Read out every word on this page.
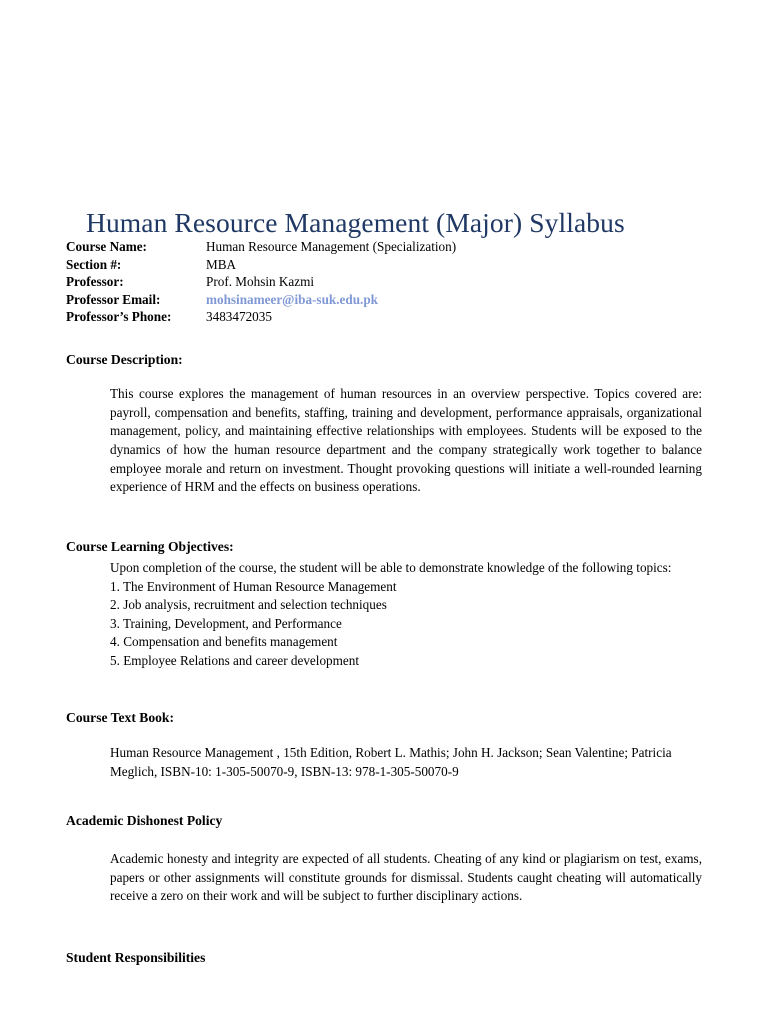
Human Resource Management (Major) Syllabus
Course Name:	Human Resource Management (Specialization)
Section #:	MBA
Professor:	Prof. Mohsin Kazmi
Professor Email:	mohsinameer@iba-suk.edu.pk
Professor’s Phone:	3483472035
Course Description:

This course explores the management of human resources in an overview perspective. Topics covered are: payroll, compensation and benefits, staffing, training and development, performance appraisals, organizational management, policy, and maintaining effective relationships with employees. Students will be exposed to the dynamics of how the human resource department and the company strategically work together to balance employee morale and return on investment. Thought provoking questions will initiate a well-rounded learning experience of HRM and the effects on business operations.

Course Learning Objectives:
Upon completion of the course, the student will be able to demonstrate knowledge of the following topics:
1. The Environment of Human Resource Management
2. Job analysis, recruitment and selection techniques
3. Training, Development, and Performance
4. Compensation and benefits management
5. Employee Relations and career development
Course Text Book:

Human Resource Management , 15th Edition, Robert L. Mathis; John H. Jackson; Sean Valentine; Patricia Meglich, ISBN-10: 1-305-50070-9, ISBN-13: 978-1-305-50070-9

Academic Dishonest Policy

Academic honesty and integrity are expected of all students. Cheating of any kind or plagiarism on test, exams, papers or other assignments will constitute grounds for dismissal. Students caught cheating will automatically receive a zero on their work and will be subject to further disciplinary actions.

Student Responsibilities
